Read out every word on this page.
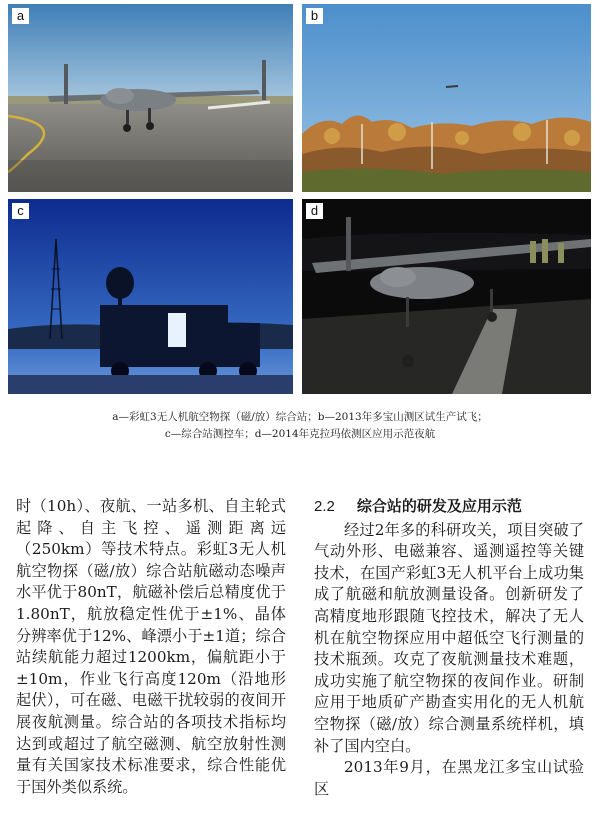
a	b
c	d
a—彩虹3无人机航空物探（磁/放）综合站；b—2013年多宝山测区试生产试飞；
c—综合站测控车；d—2014年克拉玛依测区应用示范夜航

时（10h）、夜航、一站多机、自主轮式起降、自主飞控、遥测距离远（250km）等技术特点。彩虹3无人机航空物探（磁/放）综合站航磁动态噪声水平优于80nT，航磁补偿后总精度优于1.80nT，航放稳定性优于±1%、晶体分辨率优于12%、峰漂小于±1道；综合站续航能力超过1200km，偏航距小于±10m，作业飞行高度120m（沿地形起伏），可在磁、电磁干扰较弱的夜间开展夜航测量。综合站的各项技术指标均达到或超过了航空磁测、航空放射性测量有关国家技术标准要求，综合性能优于国外类似系统。

2.2 综合站的研发及应用示范

经过2年多的科研攻关，项目突破了气动外形、电磁兼容、遥测遥控等关键技术，在国产彩虹3无人机平台上成功集成了航磁和航放测量设备。创新研发了高精度地形跟随飞控技术，解决了无人机在航空物探应用中超低空飞行测量的技术瓶颈。攻克了夜航测量技术难题，成功实施了航空物探的夜间作业。研制应用于地质矿产勘查实用化的无人机航空物探（磁/放）综合测量系统样机，填补了国内空白。

2013年9月，在黑龙江多宝山试验区
